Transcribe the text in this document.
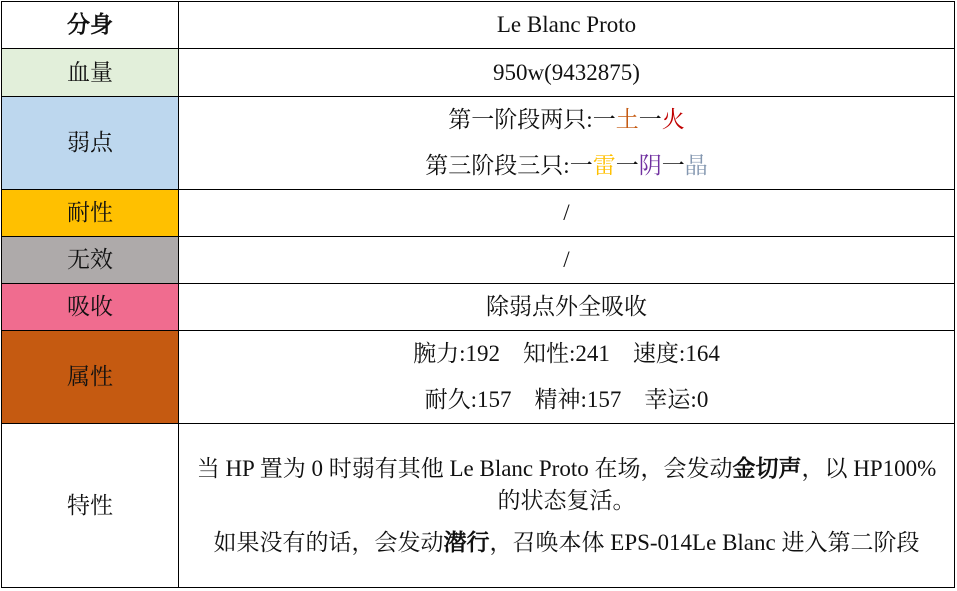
分身	Le Blanc Proto
血量	950w(9432875)
弱点	第一阶段两只:一土一火
第三阶段三只:一雷一阴一晶

耐性	/
无效	/
吸收	除弱点外全吸收
属性	腕力:192　知性:241　速度:164
耐久:157　精神:157　幸运:0

特性	当 HP 置为 0 时弱有其他 Le Blanc Proto 在场，会发动金切声，以 HP100%的状态复活。
如果没有的话，会发动潜行，召唤本体 EPS-014Le Blanc 进入第二阶段
